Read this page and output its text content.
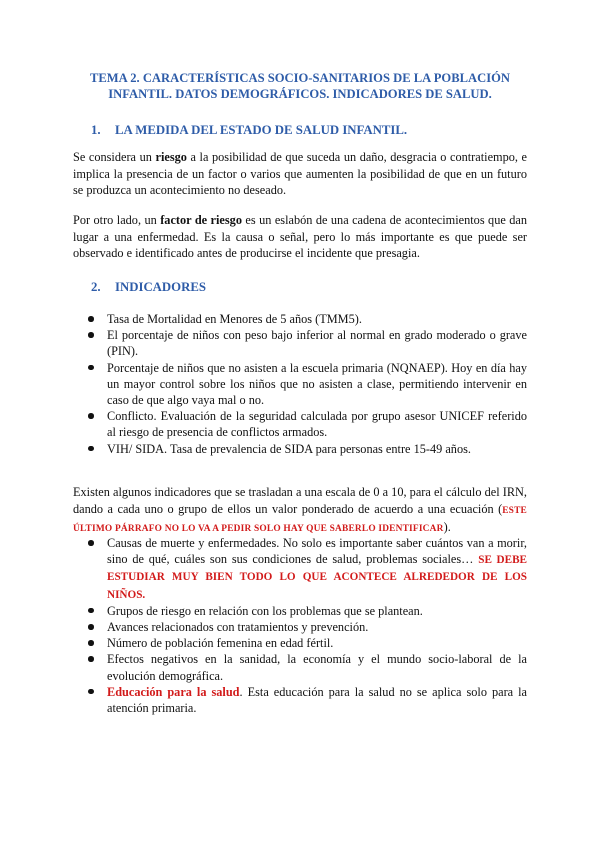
TEMA 2. CARACTERÍSTICAS SOCIO-SANITARIOS DE LA POBLACIÓN
INFANTIL. DATOS DEMOGRÁFICOS. INDICADORES DE SALUD.
1. LA MEDIDA DEL ESTADO DE SALUD INFANTIL.

Se considera un riesgo a la posibilidad de que suceda un daño, desgracia o contratiempo, e implica la presencia de un factor o varios que aumenten la posibilidad de que en un futuro se produzca un acontecimiento no deseado.

Por otro lado, un factor de riesgo es un eslabón de una cadena de acontecimientos que dan lugar a una enfermedad. Es la causa o señal, pero lo más importante es que puede ser observado e identificado antes de producirse el incidente que presagia.

2. INDICADORES
Tasa de Mortalidad en Menores de 5 años (TMM5).
El porcentaje de niños con peso bajo inferior al normal en grado moderado o grave (PIN).
Porcentaje de niños que no asisten a la escuela primaria (NQNAEP). Hoy en día hay un mayor control sobre los niños que no asisten a clase, permitiendo intervenir en caso de que algo vaya mal o no.
Conflicto. Evaluación de la seguridad calculada por grupo asesor UNICEF referido al riesgo de presencia de conflictos armados.
VIH/ SIDA. Tasa de prevalencia de SIDA para personas entre 15-49 años.

Existen algunos indicadores que se trasladan a una escala de 0 a 10, para el cálculo del IRN, dando a cada uno o grupo de ellos un valor ponderado de acuerdo a una ecuación (ESTE ÚLTIMO PÁRRAFO NO LO VA A PEDIR SOLO HAY QUE SABERLO IDENTIFICAR).

Causas de muerte y enfermedades. No solo es importante saber cuántos van a morir, sino de qué, cuáles son sus condiciones de salud, problemas sociales… SE DEBE ESTUDIAR MUY BIEN TODO LO QUE ACONTECE ALREDEDOR DE LOS NIÑOS.
Grupos de riesgo en relación con los problemas que se plantean.
Avances relacionados con tratamientos y prevención.
Número de población femenina en edad fértil.
Efectos negativos en la sanidad, la economía y el mundo socio-laboral de la evolución demográfica.
Educación para la salud. Esta educación para la salud no se aplica solo para la atención primaria.
